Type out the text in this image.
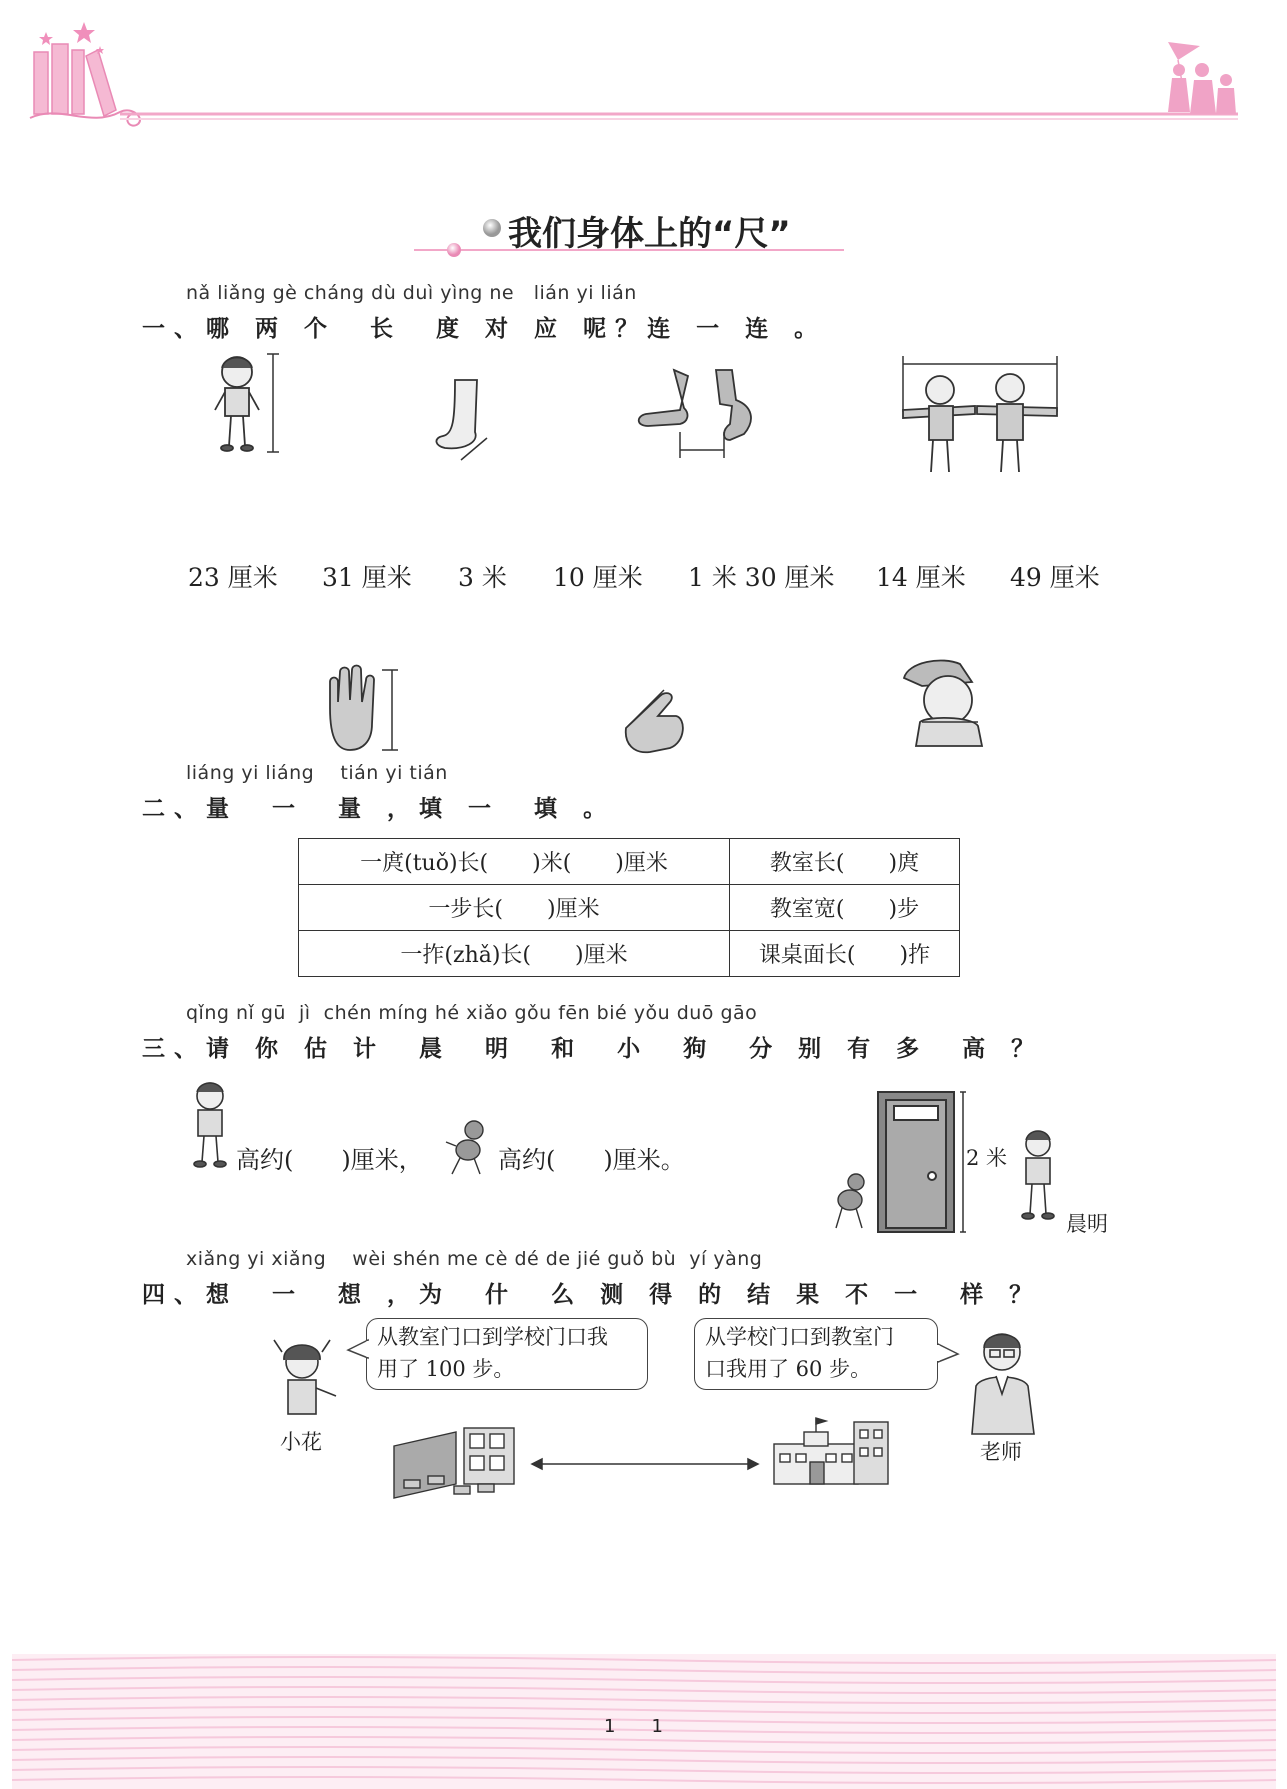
我们身体上的“尺”
nǎ liǎng gè cháng dù duì yìng ne   lián yi lián
一、哪 两 个  长  度 对 应 呢？连 一 连 。
23 厘米 31 厘米 3 米 10 厘米 1 米 30 厘米 14 厘米 49 厘米
liáng yi liáng    tián yi tián
二、量  一  量 ，填 一  填 。
一庹(tuǒ)长(　　)米(　　)厘米	教室长(　　)庹
一步长(　　)厘米	教室宽(　　)步
一拃(zhǎ)长(　　)厘米	课桌面长(　　)拃
qǐng nǐ gū  jì  chén míng hé xiǎo gǒu fēn bié yǒu duō gāo
三、请 你 估 计  晨  明  和  小  狗  分 别 有 多  高 ？
高约(　　)厘米，	高约(　　)厘米。	2 米
晨明
xiǎng yi xiǎng    wèi shén me cè dé de jié guǒ bù  yí yàng
四、想  一  想 ，为  什  么 测 得 的 结 果 不 一  样 ？
小花
从教室门口到学校门口我
用了 100 步。
从学校门口到教室门
口我用了 60 步。
老师
1　　1
